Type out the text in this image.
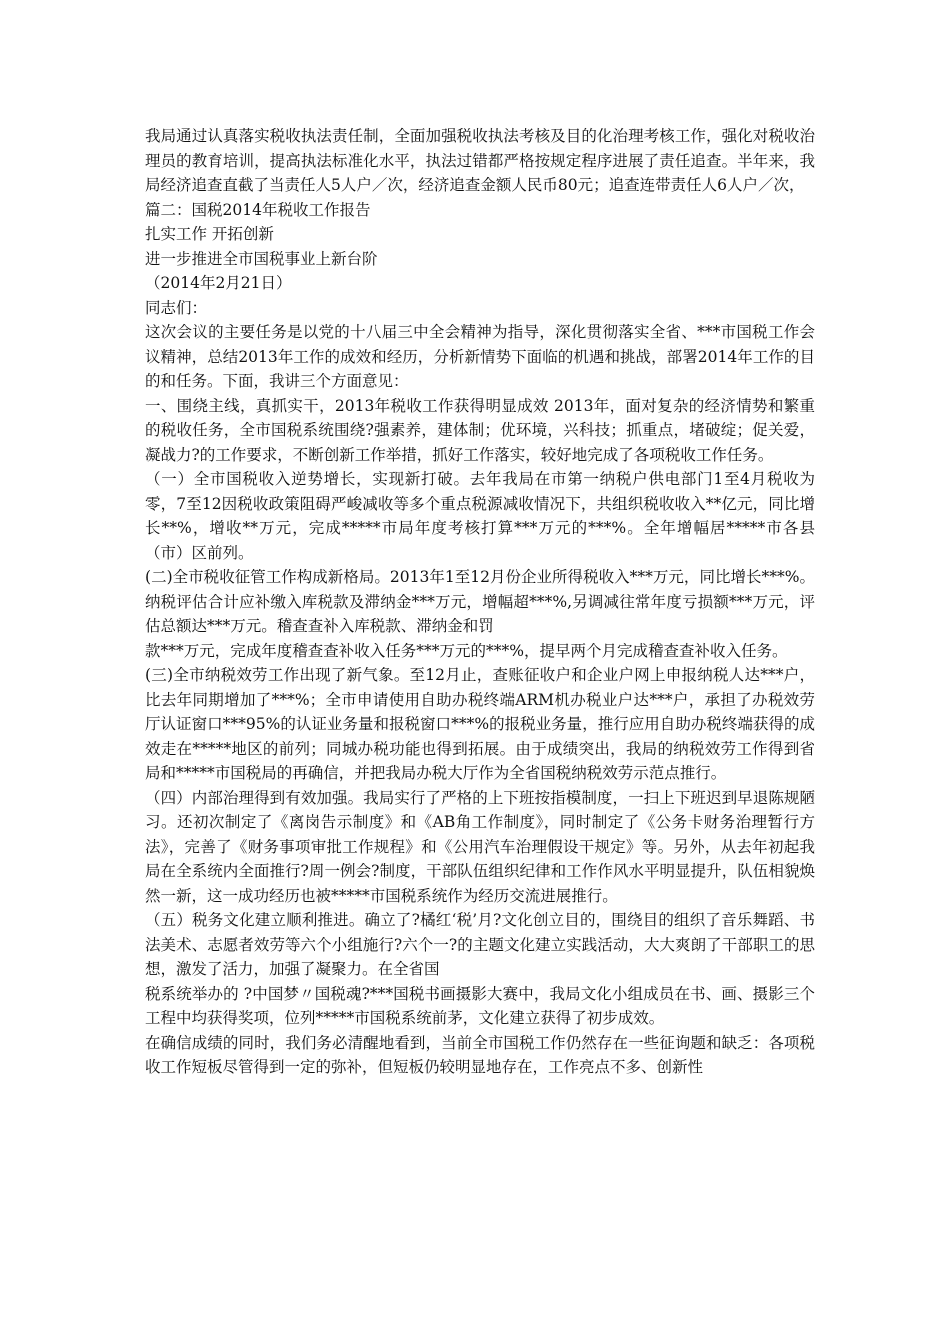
我局通过认真落实税收执法责任制，全面加强税收执法考核及目的化治理考核工作，强化对税收治理员的教育培训，提高执法标准化水平，执法过错都严格按规定程序进展了责任追查。半年来，我局经济追查直截了当责任人5人户／次，经济追查金额人民币80元；追查连带责任人6人户／次，

篇二：国税2014年税收工作报告

扎实工作 开拓创新

进一步推进全市国税事业上新台阶

（2014年2月21日）

同志们：

这次会议的主要任务是以党的十八届三中全会精神为指导，深化贯彻落实全省、***市国税工作会议精神，总结2013年工作的成效和经历，分析新情势下面临的机遇和挑战，部署2014年工作的目的和任务。下面，我讲三个方面意见：

一、围绕主线，真抓实干，2013年税收工作获得明显成效 2013年，面对复杂的经济情势和繁重的税收任务，全市国税系统围绕?强素养，建体制；优环境，兴科技；抓重点，堵破绽；促关爱，凝战力?的工作要求，不断创新工作举措，抓好工作落实，较好地完成了各项税收工作任务。

（一）全市国税收入逆势增长，实现新打破。去年我局在市第一纳税户供电部门1至4月税收为零，7至12因税收政策阻碍严峻减收等多个重点税源减收情况下，共组织税收收入**亿元，同比增长**%，增收**万元，完成*****市局年度考核打算***万元的***%。全年增幅居*****市各县（市）区前列。

(二)全市税收征管工作构成新格局。2013年1至12月份企业所得税收入***万元，同比增长***%。纳税评估合计应补缴入库税款及滞纳金***万元，增幅超***%,另调减往常年度亏损额***万元，评估总额达***万元。稽查查补入库税款、滞纳金和罚

款***万元，完成年度稽查查补收入任务***万元的***%，提早两个月完成稽查查补收入任务。

(三)全市纳税效劳工作出现了新气象。至12月止，查账征收户和企业户网上申报纳税人达***户，比去年同期增加了***%；全市申请使用自助办税终端ARM机办税业户达***户，承担了办税效劳厅认证窗口***95%的认证业务量和报税窗口***%的报税业务量，推行应用自助办税终端获得的成效走在*****地区的前列；同城办税功能也得到拓展。由于成绩突出，我局的纳税效劳工作得到省局和*****市国税局的再确信，并把我局办税大厅作为全省国税纳税效劳示范点推行。

（四）内部治理得到有效加强。我局实行了严格的上下班按指模制度，一扫上下班迟到早退陈规陋习。还初次制定了《离岗告示制度》和《AB角工作制度》，同时制定了《公务卡财务治理暂行方法》，完善了《财务事项审批工作规程》和《公用汽车治理假设干规定》等。另外，从去年初起我局在全系统内全面推行?周一例会?制度，干部队伍组织纪律和工作作风水平明显提升，队伍相貌焕然一新，这一成功经历也被*****市国税系统作为经历交流进展推行。

（五）税务文化建立顺利推进。确立了?橘红‘税’月?文化创立目的，围绕目的组织了音乐舞蹈、书法美术、志愿者效劳等六个小组施行?六个一?的主题文化建立实践活动，大大爽朗了干部职工的思想，激发了活力，加强了凝聚力。在全省国

税系统举办的 ?中国梦〃国税魂?***国税书画摄影大赛中，我局文化小组成员在书、画、摄影三个工程中均获得奖项，位列*****市国税系统前茅，文化建立获得了初步成效。

在确信成绩的同时，我们务必清醒地看到，当前全市国税工作仍然存在一些征询题和缺乏：各项税收工作短板尽管得到一定的弥补，但短板仍较明显地存在，工作亮点不多、创新性
